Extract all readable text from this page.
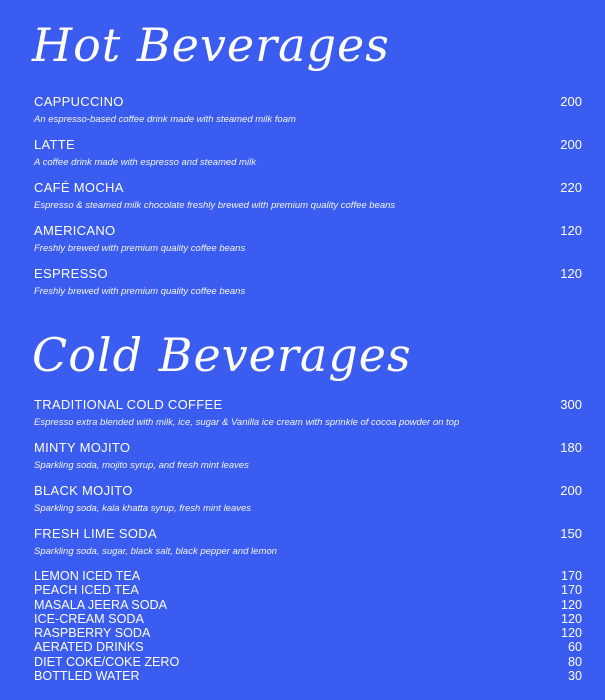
Hot Beverages
CAPPUCCINO	200
An espresso-based coffee drink made with steamed milk foam
LATTE	200
A coffee drink made with espresso and steamed milk
CAFÉ MOCHA	220
Espresso & steamed milk chocolate freshly brewed with premium quality coffee beans
AMERICANO	120
Freshly brewed with premium quality coffee beans
ESPRESSO	120
Freshly brewed with premium quality coffee beans
Cold Beverages
TRADITIONAL COLD COFFEE	300
Espresso extra blended with milk, ice, sugar & Vanilla ice cream with sprinkle of cocoa powder on top
MINTY MOJITO	180
Sparkling soda, mojito syrup, and fresh mint leaves
BLACK MOJITO	200
Sparkling soda, kala khatta syrup, fresh mint leaves
FRESH LIME SODA	150
Sparkling soda, sugar, black salt, black pepper and lemon
LEMON ICED TEA	170
PEACH ICED TEA	170
MASALA JEERA SODA	120
ICE-CREAM SODA	120
RASPBERRY SODA	120
AERATED DRINKS	60
DIET COKE/COKE ZERO	80
BOTTLED WATER	30
